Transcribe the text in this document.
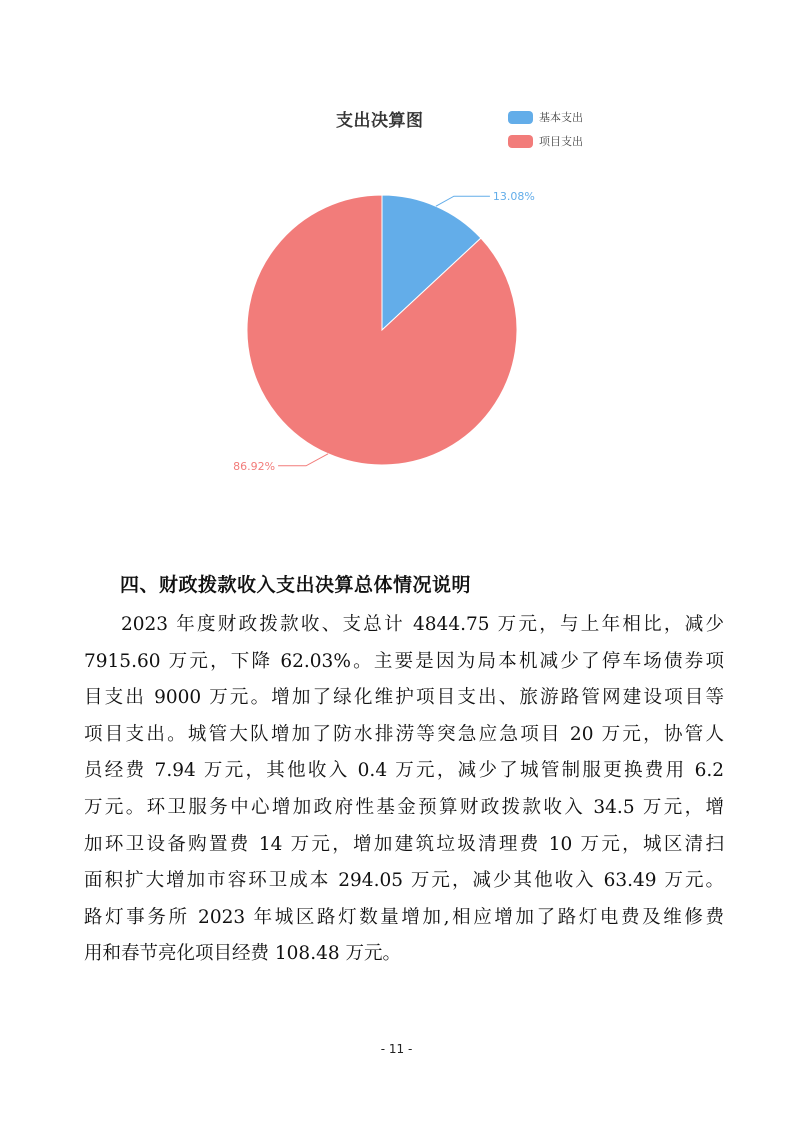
支出决算图	基本支出
项目支出
13.08%
86.92%
四、财政拨款收入支出决算总体情况说明
2023 年度财政拨款收、支总计 4844.75 万元，与上年相比，减少
7915.60 万元，下降 62.03%。主要是因为局本机减少了停车场债券项
目支出 9000 万元。增加了绿化维护项目支出、旅游路管网建设项目等
项目支出。城管大队增加了防水排涝等突急应急项目 20 万元，协管人
员经费 7.94 万元，其他收入 0.4 万元，减少了城管制服更换费用 6.2
万元。环卫服务中心增加政府性基金预算财政拨款收入 34.5 万元，增
加环卫设备购置费 14 万元，增加建筑垃圾清理费 10 万元，城区清扫
面积扩大增加市容环卫成本 294.05 万元，减少其他收入 63.49 万元。
路灯事务所 2023 年城区路灯数量增加,相应增加了路灯电费及维修费
用和春节亮化项目经费 108.48 万元。
- 11 -
